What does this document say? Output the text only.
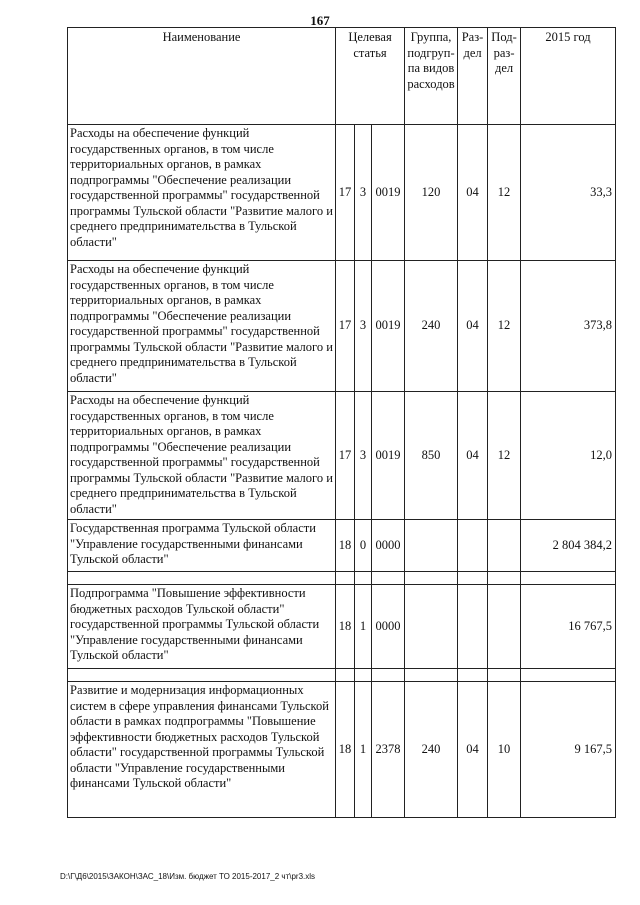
167
Наименование	Целевая статья			Группа, подгруп-па видов расходов	Раз-дел	Под-раз-дел	2015 год
Расходы на обеспечение функций государственных органов, в том числе территориальных органов, в рамках подпрограммы "Обеспечение реализации государственной программы" государственной программы Тульской области "Развитие малого и среднего предпринимательства в Тульской области"	17	3	0019	120	04	12	33,3
Расходы на обеспечение функций государственных органов, в том числе территориальных органов, в рамках подпрограммы "Обеспечение реализации государственной программы" государственной программы Тульской области "Развитие малого и среднего предпринимательства в Тульской области"	17	3	0019	240	04	12	373,8
Расходы на обеспечение функций государственных органов, в том числе территориальных органов, в рамках подпрограммы "Обеспечение реализации государственной программы" государственной программы Тульской области "Развитие малого и среднего предпринимательства в Тульской области"	17	3	0019	850	04	12	12,0
Государственная программа Тульской области "Управление государственными финансами Тульской области"	18	0	0000				2 804 384,2

Подпрограмма "Повышение эффективности бюджетных расходов Тульской области" государственной программы Тульской области "Управление государственными финансами Тульской области"	18	1	0000				16 767,5

Развитие и модернизация информационных систем в сфере управления финансами Тульской области в рамках подпрограммы "Повышение эффективности бюджетных расходов Тульской области" государственной программы Тульской области "Управление государственными финансами Тульской области"	18	1	2378	240	04	10	9 167,5
D:\Г\Д6\2015\ЗАКОН\ЗАС_18\Изм. бюджет ТО 2015-2017_2 чт\pr3.xls
